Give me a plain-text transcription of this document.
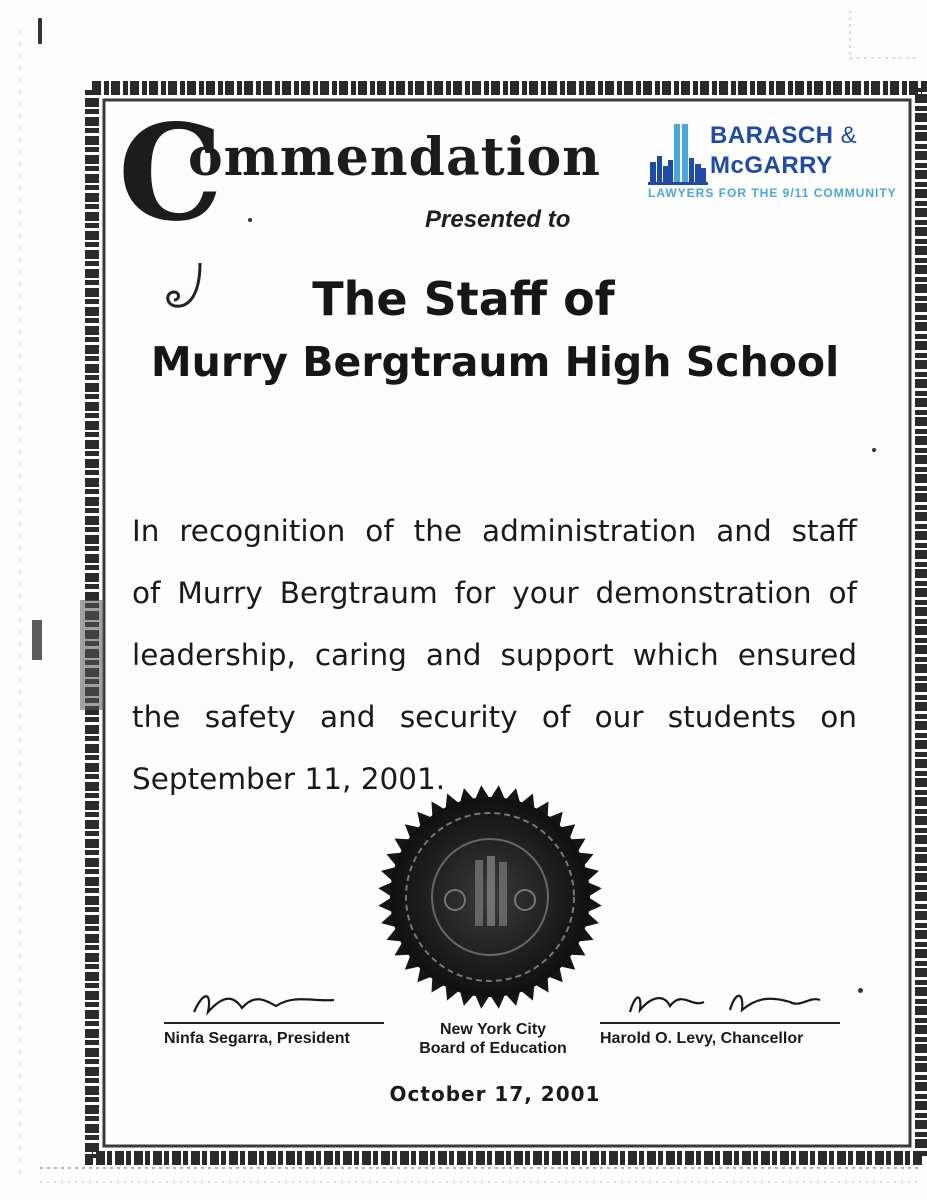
C
ommendation
Presented to
BARASCH &
McGARRY
LAWYERS FOR THE 9/11 COMMUNITY
The Staff of
Murry Bergtraum High School
In recognition of the administration and staff
of Murry Bergtraum for your demonstration of
leadership, caring and support which ensured
the safety and security of our students on
September 11, 2001.
Ninfa Segarra, President
New York City
Board of Education
Harold O. Levy, Chancellor
October 17, 2001
